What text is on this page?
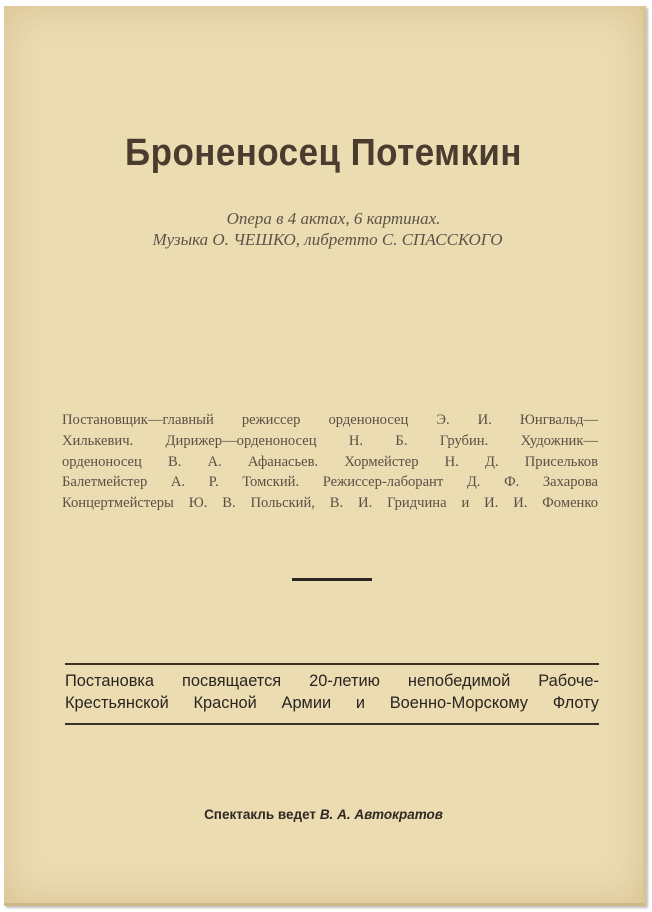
Броненосец Потемкин
Опера в 4 актах, 6 картинах.
Музыка О. ЧЕШКО, либретто С. СПАССКОГО
Постановщик—главный режиссер орденоносец Э. И. Юнгвальд—
Хилькевич. Дирижер—орденоносец Н. Б. Грубин. Художник—
орденоносец В. А. Афанасьев. Хормейстер Н. Д. Присельков
Балетмейстер А. Р. Томский. Режиссер-лаборант Д. Ф. Захарова
Концертмейстеры Ю. В. Польский, В. И. Гридчина и И. И. Фоменко
Постановка посвящается 20-летию непобедимой Рабоче-
Крестьянской Красной Армии и Военно-Морскому Флоту
Спектакль ведет В. А. Автократов
